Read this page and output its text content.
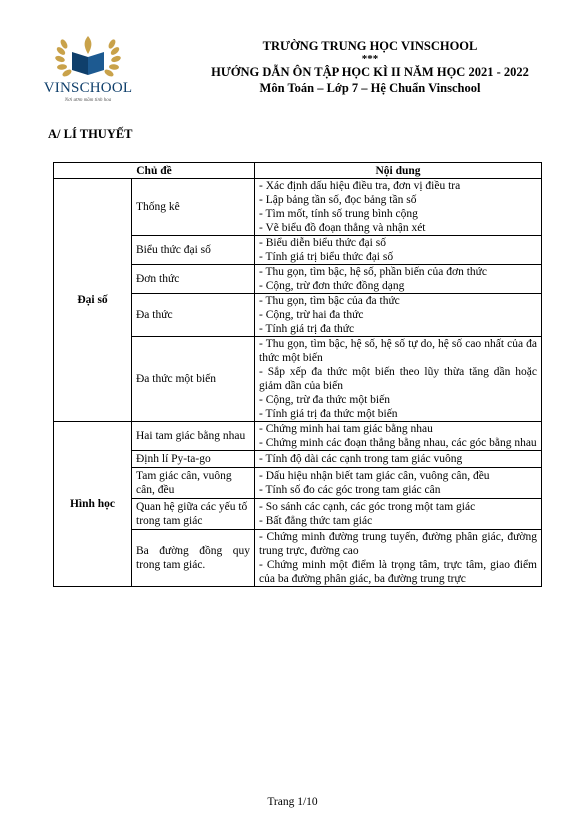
VINSCHOOL
Nơi ươm mầm tinh hoa
TRƯỜNG TRUNG HỌC VINSCHOOL
***
HƯỚNG DẪN ÔN TẬP HỌC KÌ II NĂM HỌC 2021 - 2022
Môn Toán – Lớp 7 – Hệ Chuẩn Vinschool
A/ LÍ THUYẾT
Chủ đề		Nội dung
Đại số	Thống kê	- Xác định dấu hiệu điều tra, đơn vị điều tra
- Lập bảng tần số, đọc bảng tần số
- Tìm mốt, tính số trung bình cộng
- Vẽ biểu đồ đoạn thẳng và nhận xét

	Biểu thức đại số	- Biểu diễn biểu thức đại số
- Tính giá trị biểu thức đại số

	Đơn thức	- Thu gọn, tìm bậc, hệ số, phần biến của đơn thức
- Cộng, trừ đơn thức đồng dạng

	Đa thức	- Thu gọn, tìm bậc của đa thức
- Cộng, trừ hai đa thức
- Tính giá trị đa thức

	Đa thức một biến	- Thu gọn, tìm bậc, hệ số, hệ số tự do, hệ số cao nhất của đa thức một biến
- Sắp xếp đa thức một biến theo lũy thừa tăng dần hoặc giảm dần của biến
- Cộng, trừ đa thức một biến
- Tính giá trị đa thức một biến

Hình học	Hai tam giác bằng nhau	- Chứng minh hai tam giác bằng nhau
- Chứng minh các đoạn thẳng bằng nhau, các góc bằng nhau

	Định lí Py-ta-go	- Tính độ dài các cạnh trong tam giác vuông

	Tam giác cân, vuông cân, đều	- Dấu hiệu nhận biết tam giác cân, vuông cân, đều
- Tính số đo các góc trong tam giác cân

	Quan hệ giữa các yếu tố trong tam giác	- So sánh các cạnh, các góc trong một tam giác
- Bất đẳng thức tam giác

	Ba đường đồng quy trong tam giác.	- Chứng minh đường trung tuyến, đường phân giác, đường trung trực, đường cao
- Chứng minh một điểm là trọng tâm, trực tâm, giao điểm của ba đường phân giác, ba đường trung trực
Trang 1/10
